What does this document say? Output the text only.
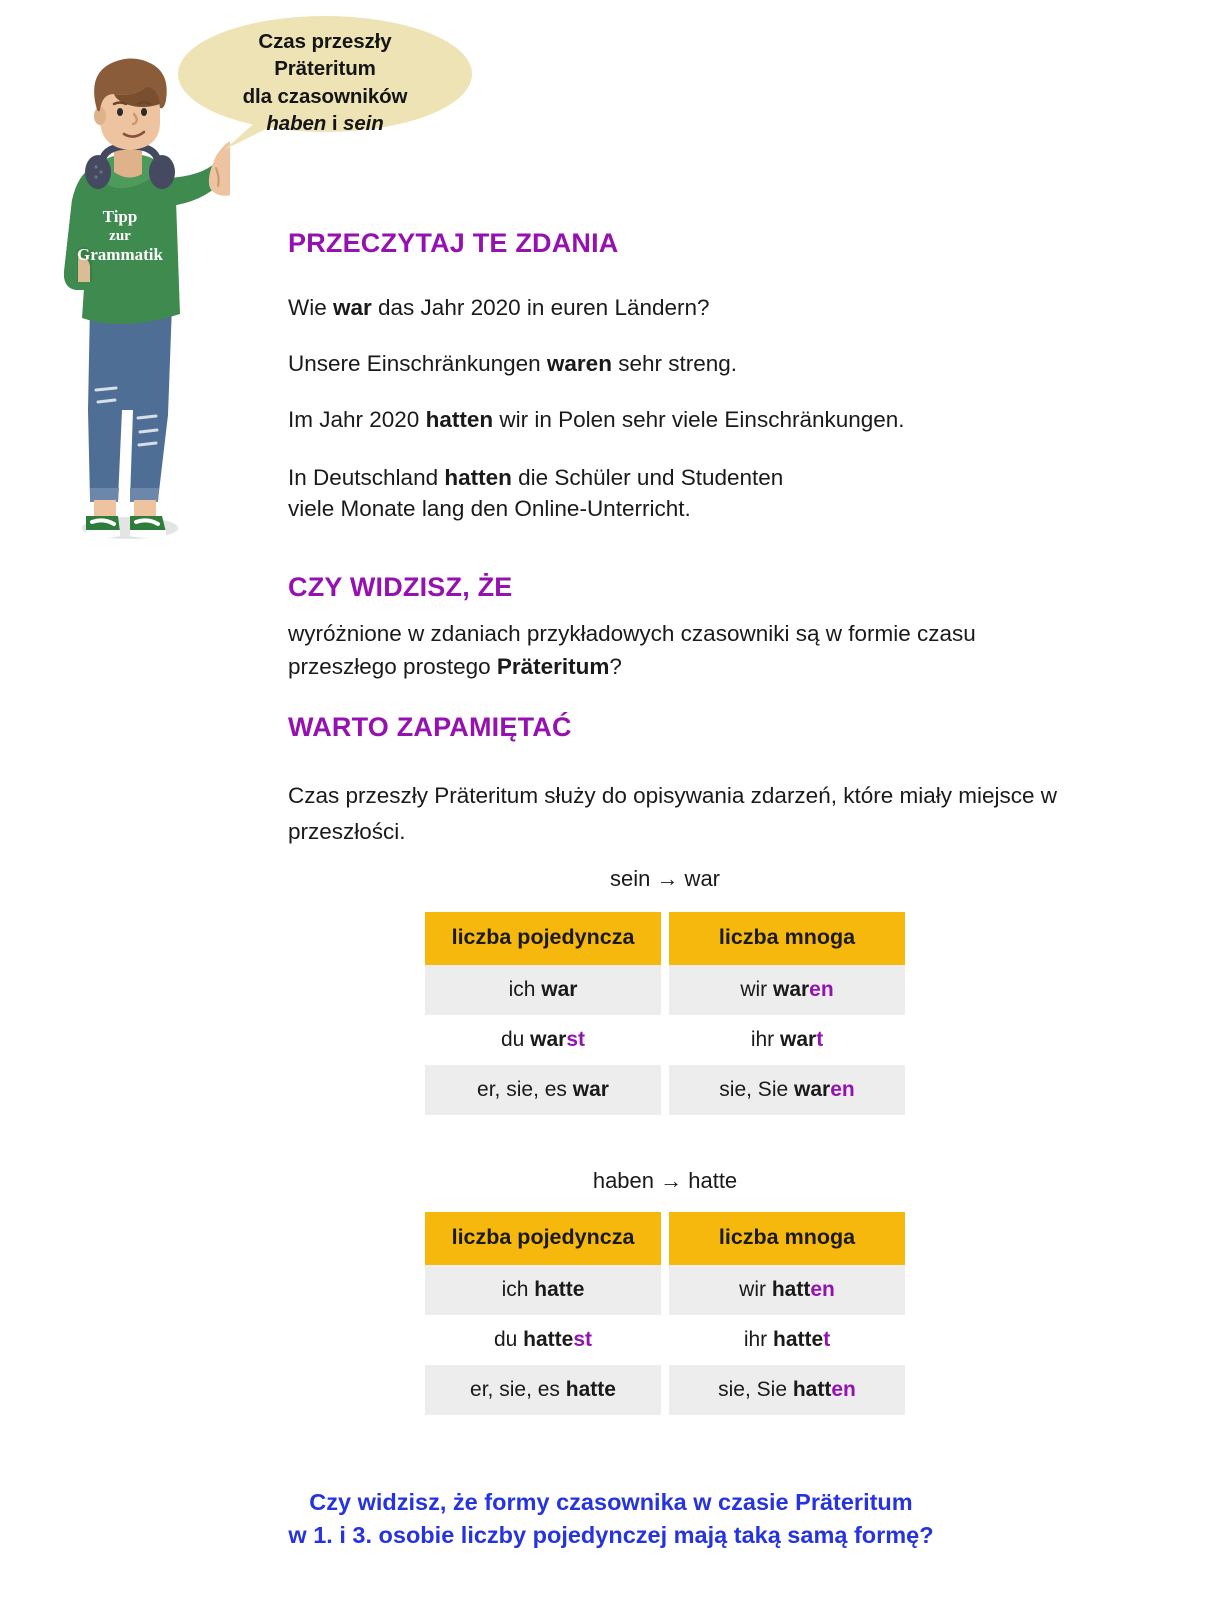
Tipp
zur
Grammatik
Czas przeszły
Präteritum
dla czasowników
haben i sein
PRZECZYTAJ TE ZDANIA

Wie war das Jahr 2020 in euren Ländern?

Unsere Einschränkungen waren sehr streng.

Im Jahr 2020 hatten wir in Polen sehr viele Einschränkungen.

In Deutschland hatten die Schüler und Studenten
viele Monate lang den Online-Unterricht.

CZY WIDZISZ, ŻE

wyróżnione w zdaniach przykładowych czasowniki są w formie czasu przeszłego prostego Präteritum?

WARTO ZAPAMIĘTAĆ

Czas przeszły Präteritum służy do opisywania zdarzeń, które miały miejsce w przeszłości.

sein → war
liczba pojedyncza	liczba mnoga
ich war	wir waren
du warst	ihr wart
er, sie, es war	sie, Sie waren
haben → hatte
liczba pojedyncza	liczba mnoga
ich hatte	wir hatten
du hattest	ihr hattet
er, sie, es hatte	sie, Sie hatten
Czy widzisz, że formy czasownika w czasie Präteritum
w 1. i 3. osobie liczby pojedynczej mają taką samą formę?
